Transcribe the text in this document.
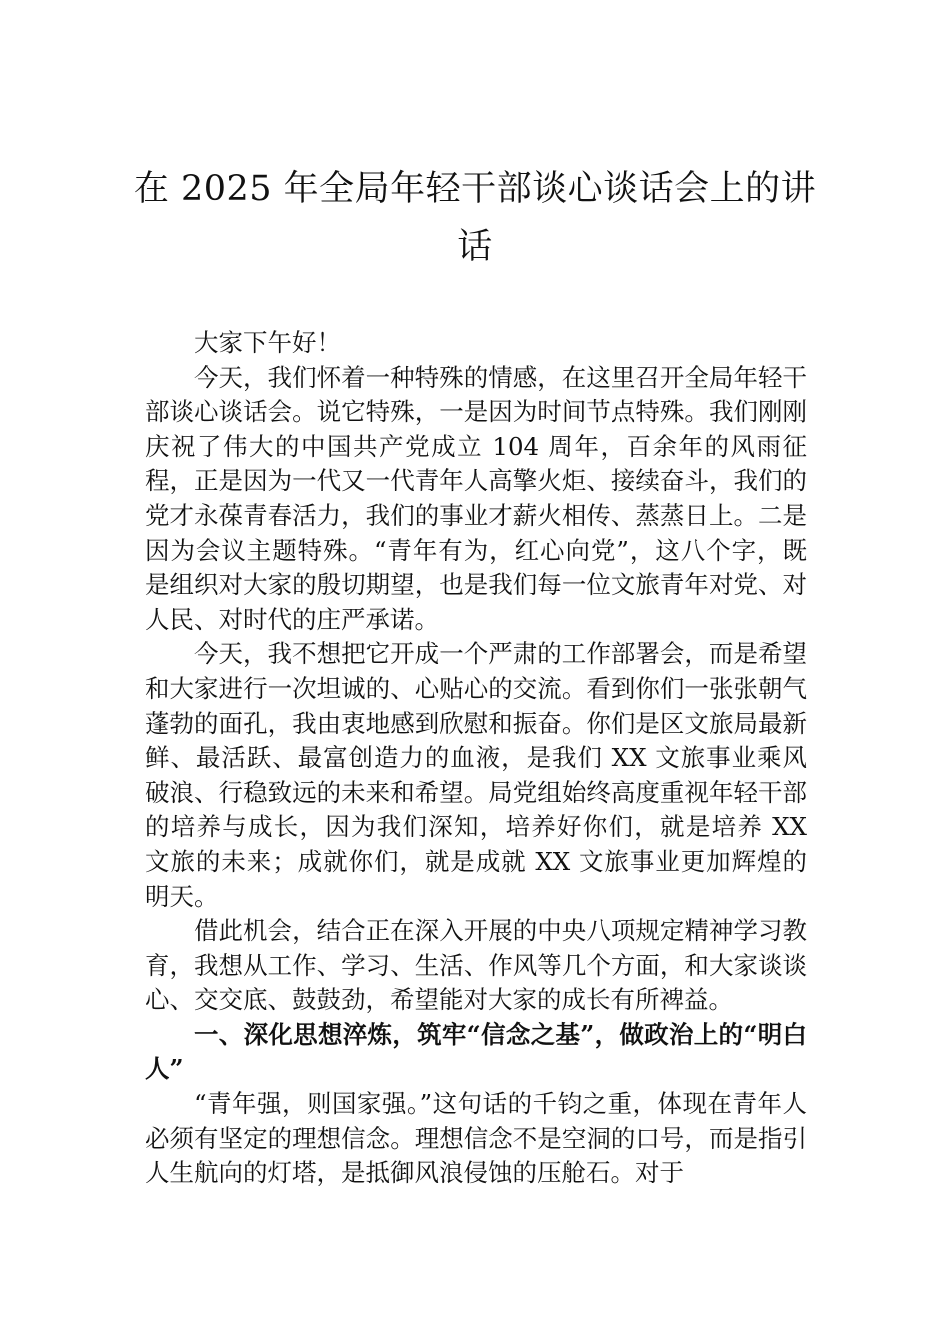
在 2025 年全局年轻干部谈心谈话会上的讲话

大家下午好！

今天，我们怀着一种特殊的情感，在这里召开全局年轻干部谈心谈话会。说它特殊，一是因为时间节点特殊。我们刚刚庆祝了伟大的中国共产党成立 104 周年，百余年的风雨征程，正是因为一代又一代青年人高擎火炬、接续奋斗，我们的党才永葆青春活力，我们的事业才薪火相传、蒸蒸日上。二是因为会议主题特殊。“青年有为，红心向党”，这八个字，既是组织对大家的殷切期望，也是我们每一位文旅青年对党、对人民、对时代的庄严承诺。

今天，我不想把它开成一个严肃的工作部署会，而是希望和大家进行一次坦诚的、心贴心的交流。看到你们一张张朝气蓬勃的面孔，我由衷地感到欣慰和振奋。你们是区文旅局最新鲜、最活跃、最富创造力的血液，是我们 XX 文旅事业乘风破浪、行稳致远的未来和希望。局党组始终高度重视年轻干部的培养与成长，因为我们深知，培养好你们，就是培养 XX 文旅的未来；成就你们，就是成就 XX 文旅事业更加辉煌的明天。

借此机会，结合正在深入开展的中央八项规定精神学习教育，我想从工作、学习、生活、作风等几个方面，和大家谈谈心、交交底、鼓鼓劲，希望能对大家的成长有所裨益。

一、深化思想淬炼，筑牢“信念之基”，做政治上的“明白人”

“青年强，则国家强。”这句话的千钧之重，体现在青年人必须有坚定的理想信念。理想信念不是空洞的口号，而是指引人生航向的灯塔，是抵御风浪侵蚀的压舱石。对于
